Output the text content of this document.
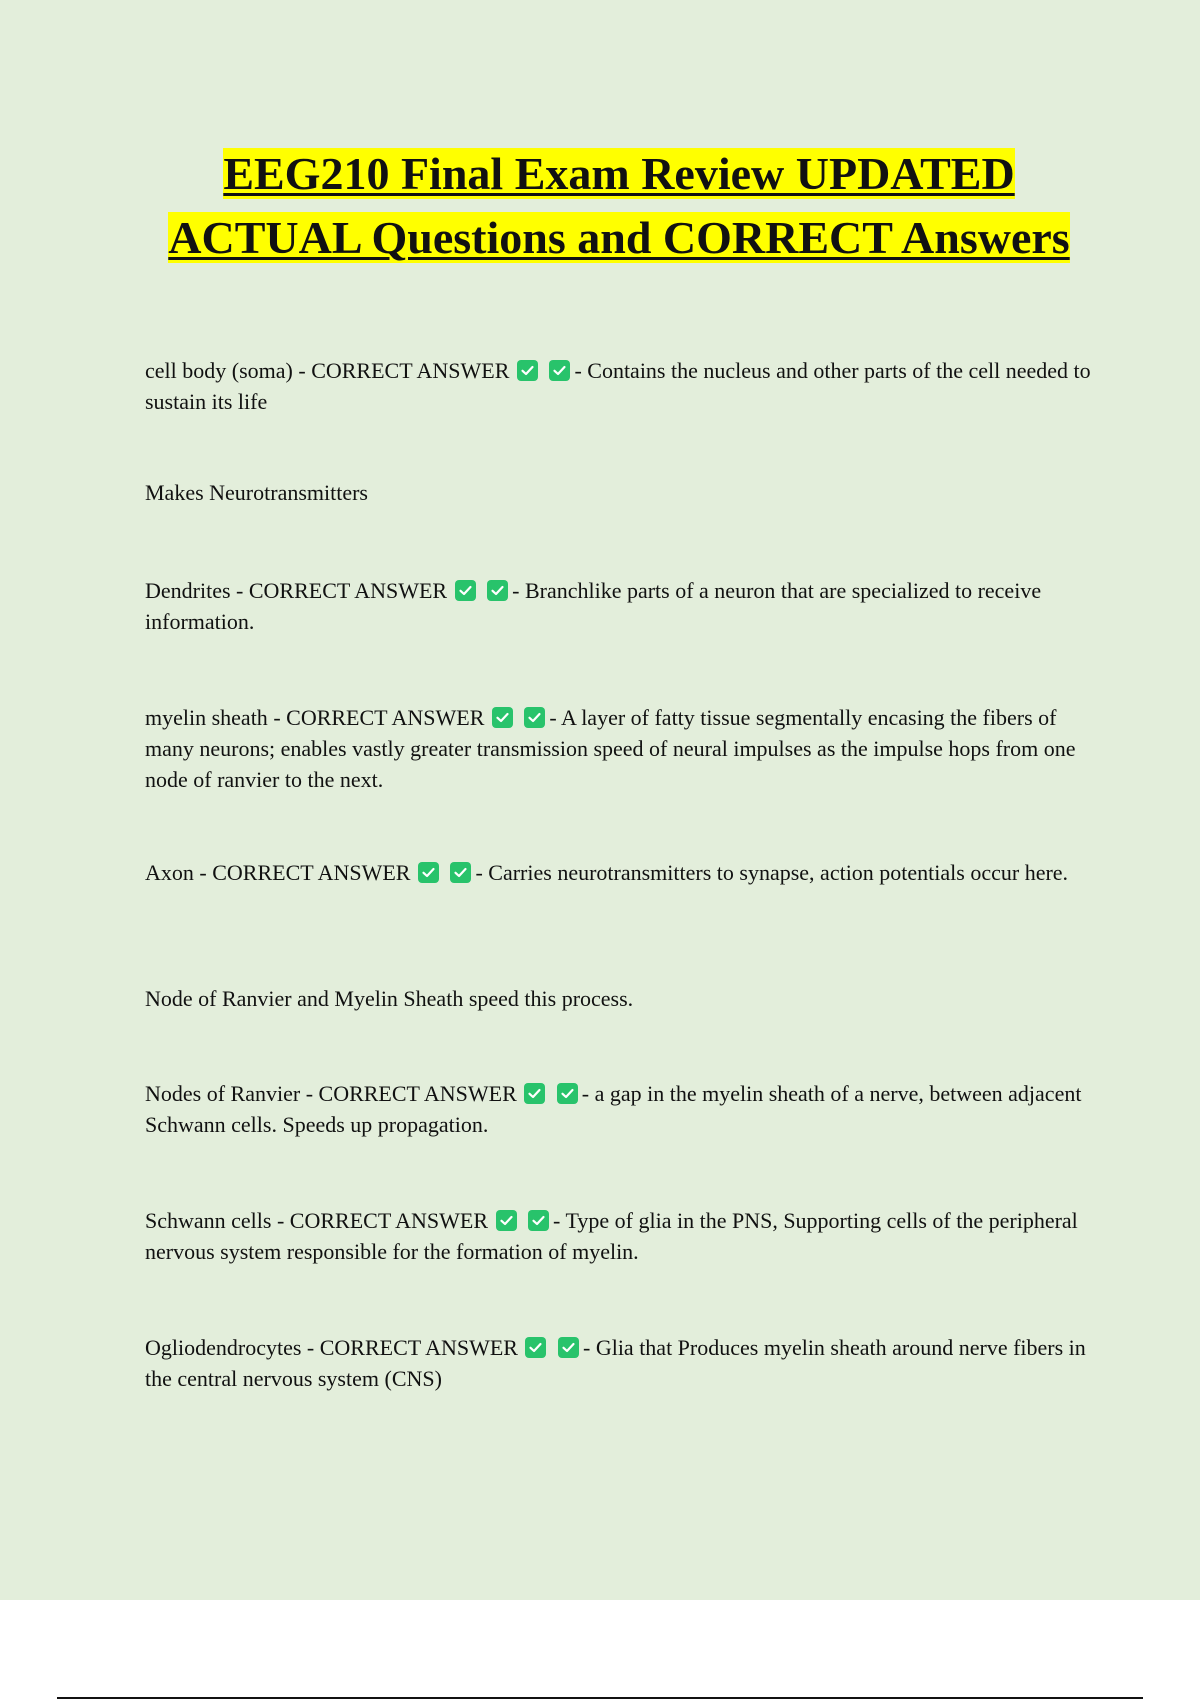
EEG210 Final Exam Review UPDATED ACTUAL Questions and CORRECT Answers

cell body (soma) - CORRECT ANSWER
	- Contains the nucleus and other parts of the cell needed to sustain its life

Makes Neurotransmitters

Dendrites - CORRECT ANSWER
	- Branchlike parts of a neuron that are specialized to receive information.

myelin sheath - CORRECT ANSWER
	- A layer of fatty tissue segmentally encasing the fibers of many neurons; enables vastly greater transmission speed of neural impulses as the impulse hops from one node of ranvier to the next.

Axon - CORRECT ANSWER
	- Carries neurotransmitters to synapse, action potentials occur here.

Node of Ranvier and Myelin Sheath speed this process.

Nodes of Ranvier - CORRECT ANSWER
	- a gap in the myelin sheath of a nerve, between adjacent Schwann cells. Speeds up propagation.

Schwann cells - CORRECT ANSWER
	- Type of glia in the PNS, Supporting cells of the peripheral nervous system responsible for the formation of myelin.

Ogliodendrocytes - CORRECT ANSWER
	- Glia that Produces myelin sheath around nerve fibers in the central nervous system (CNS)
